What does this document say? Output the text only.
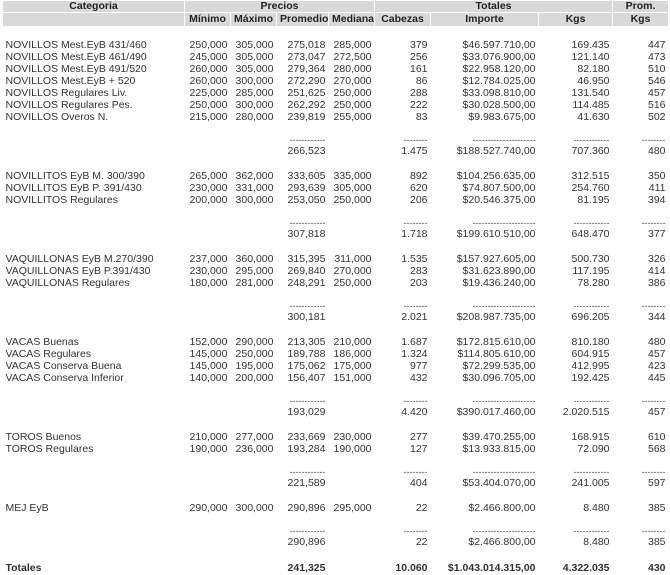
Categoria	Precios				Totales			Prom.
	Mínimo	Máximo	Promedio	Mediana	Cabezas	Importe	Kgs	Kgs

NOVILLOS Mest.EyB 431/460	250,000	305,000	275,018	285,000	379	$46.597.710,00	169.435	447
NOVILLOS Mest.EyB 461/490	245,000	305,000	273,047	272,500	256	$33.076.900,00	121.140	473
NOVILLOS Mest.EyB 491/520	260,000	305,000	279,364	280,000	161	$22.958.120,00	82.180	510
NOVILLOS Mest.EyB + 520	260,000	300,000	272,290	270,000	86	$12.784.025,00	46.950	546
NOVILLOS Regulares Liv.	225,000	285,000	251,625	250,000	288	$33.098.810,00	131.540	457
NOVILLOS Regulares Pes.	250,000	300,000	262,292	250,000	222	$30.028.500,00	114.485	516
NOVILLOS Overos N.	215,000	280,000	239,819	255,000	83	$9.983.675,00	41.630	502

			------------		--------	---------------------	------------	--------
			266,523		1.475	$188.527.740,00	707.360	480

NOVILLITOS EyB M. 300/390	265,000	362,000	333,605	335,000	892	$104.256.635,00	312.515	350
NOVILLITOS EyB P. 391/430	230,000	331,000	293,639	305,000	620	$74.807.500,00	254.760	411
NOVILLITOS Regulares	200,000	300,000	253,050	250,000	206	$20.546.375,00	81.195	394

			------------		--------	---------------------	------------	--------
			307,818		1.718	$199.610.510,00	648.470	377

VAQUILLONAS EyB M.270/390	237,000	360,000	315,395	311,000	1.535	$157.927.605,00	500.730	326
VAQUILLONAS EyB P.391/430	230,000	295,000	269,840	270,000	283	$31.623.890,00	117.195	414
VAQUILLONAS Regulares	180,000	281,000	248,291	250,000	203	$19.436.240,00	78.280	386

			------------		--------	---------------------	------------	--------
			300,181		2.021	$208.987.735,00	696.205	344

VACAS Buenas	152,000	290,000	213,305	210,000	1.687	$172.815.610,00	810.180	480
VACAS Regulares	145,000	250,000	189,788	186,000	1.324	$114.805.610,00	604.915	457
VACAS Conserva Buena	145,000	195,000	175,062	175,000	977	$72.299.535,00	412.995	423
VACAS Conserva Inferior	140,000	200,000	156,407	151,000	432	$30.096.705,00	192.425	445

			------------		--------	---------------------	------------	--------
			193,029		4.420	$390.017.460,00	2.020.515	457

TOROS Buenos	210,000	277,000	233,669	230,000	277	$39.470.255,00	168.915	610
TOROS Regulares	190,000	236,000	193,284	190,000	127	$13.933.815,00	72.090	568

			------------		--------	---------------------	------------	--------
			221,589		404	$53.404.070,00	241.005	597

MEJ EyB	290,000	300,000	290,896	295,000	22	$2.466.800,00	8.480	385

			------------		--------	---------------------	------------	--------
			290,896		22	$2.466.800,00	8.480	385

Totales			241,325		10.060	$1.043.014.315,00	4.322.035	430
